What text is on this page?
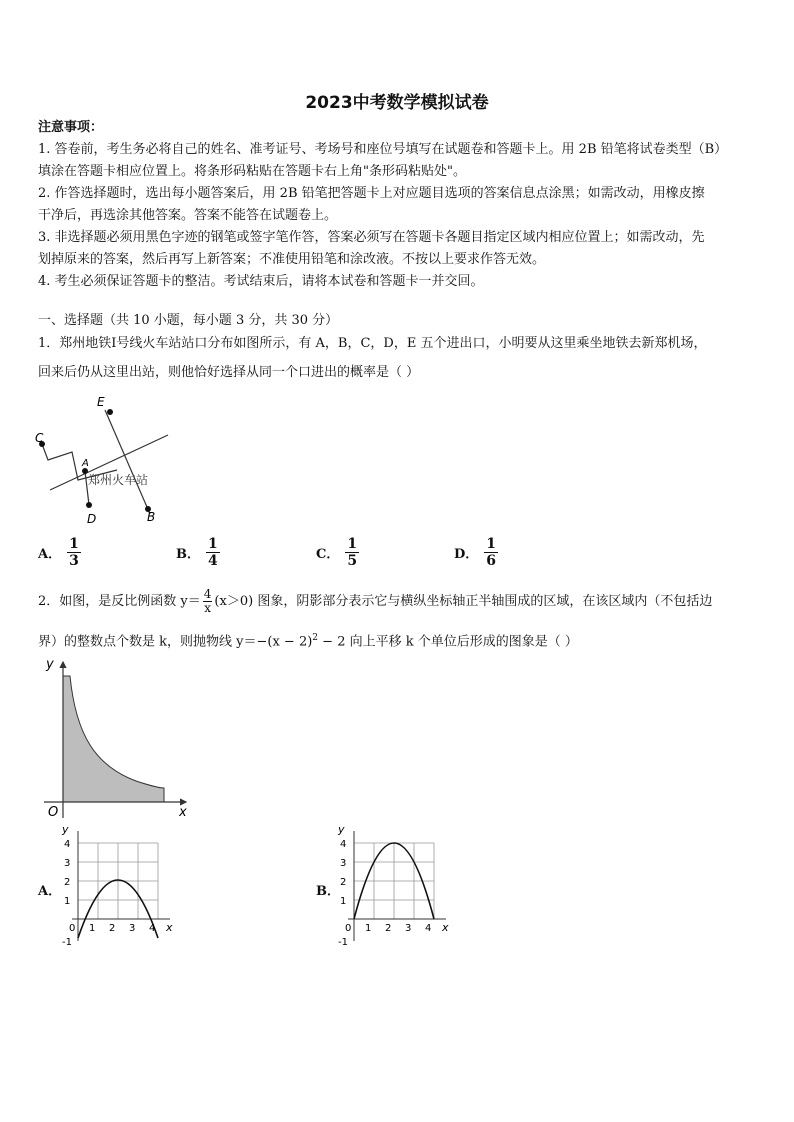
2023中考数学模拟试卷
注意事项：
1. 答卷前，考生务必将自己的姓名、准考证号、考场号和座位号填写在试题卷和答题卡上。用 2B 铅笔将试卷类型（B）
填涂在答题卡相应位置上。将条形码粘贴在答题卡右上角"条形码粘贴处"。
2. 作答选择题时，选出每小题答案后，用 2B 铅笔把答题卡上对应题目选项的答案信息点涂黑；如需改动，用橡皮擦
干净后，再选涂其他答案。答案不能答在试题卷上。
3. 非选择题必须用黑色字迹的钢笔或签字笔作答，答案必须写在答题卡各题目指定区域内相应位置上；如需改动，先
划掉原来的答案，然后再写上新答案；不准使用铅笔和涂改液。不按以上要求作答无效。
4. 考生必须保证答题卡的整洁。考试结束后，请将本试卷和答题卡一并交回。
一、选择题（共 10 小题，每小题 3 分，共 30 分）
1．郑州地铁Ⅰ号线火车站站口分布如图所示，有 A，B，C，D，E 五个进出口，小明要从这里乘坐地铁去新郑机场，
回来后仍从这里出站，则他恰好选择从同一个口进出的概率是（ ）
C
A
D
E
B
郑州火车站
A． $\frac{1}{3}$	B． $\frac{1}{4}$	C． $\frac{1}{5}$	D． $\frac{1}{6}$
2．如图，是反比例函数 $y= \frac{4}{x} (x>0)$ 图象，阴影部分表示它与横纵坐标轴正半轴围成的区域，在该区域内（不包括边
界）的整数点个数是 k，则抛物线 $y=-(x - 2)^2 - 2$ 向上平移 k 个单位后形成的图象是（ ）
y
x
O
A．
y
x
4
3
2
1
-1
0 1 2 3 4
B．
y
x
4
3
2
1
-1
0 1 2 3 4
